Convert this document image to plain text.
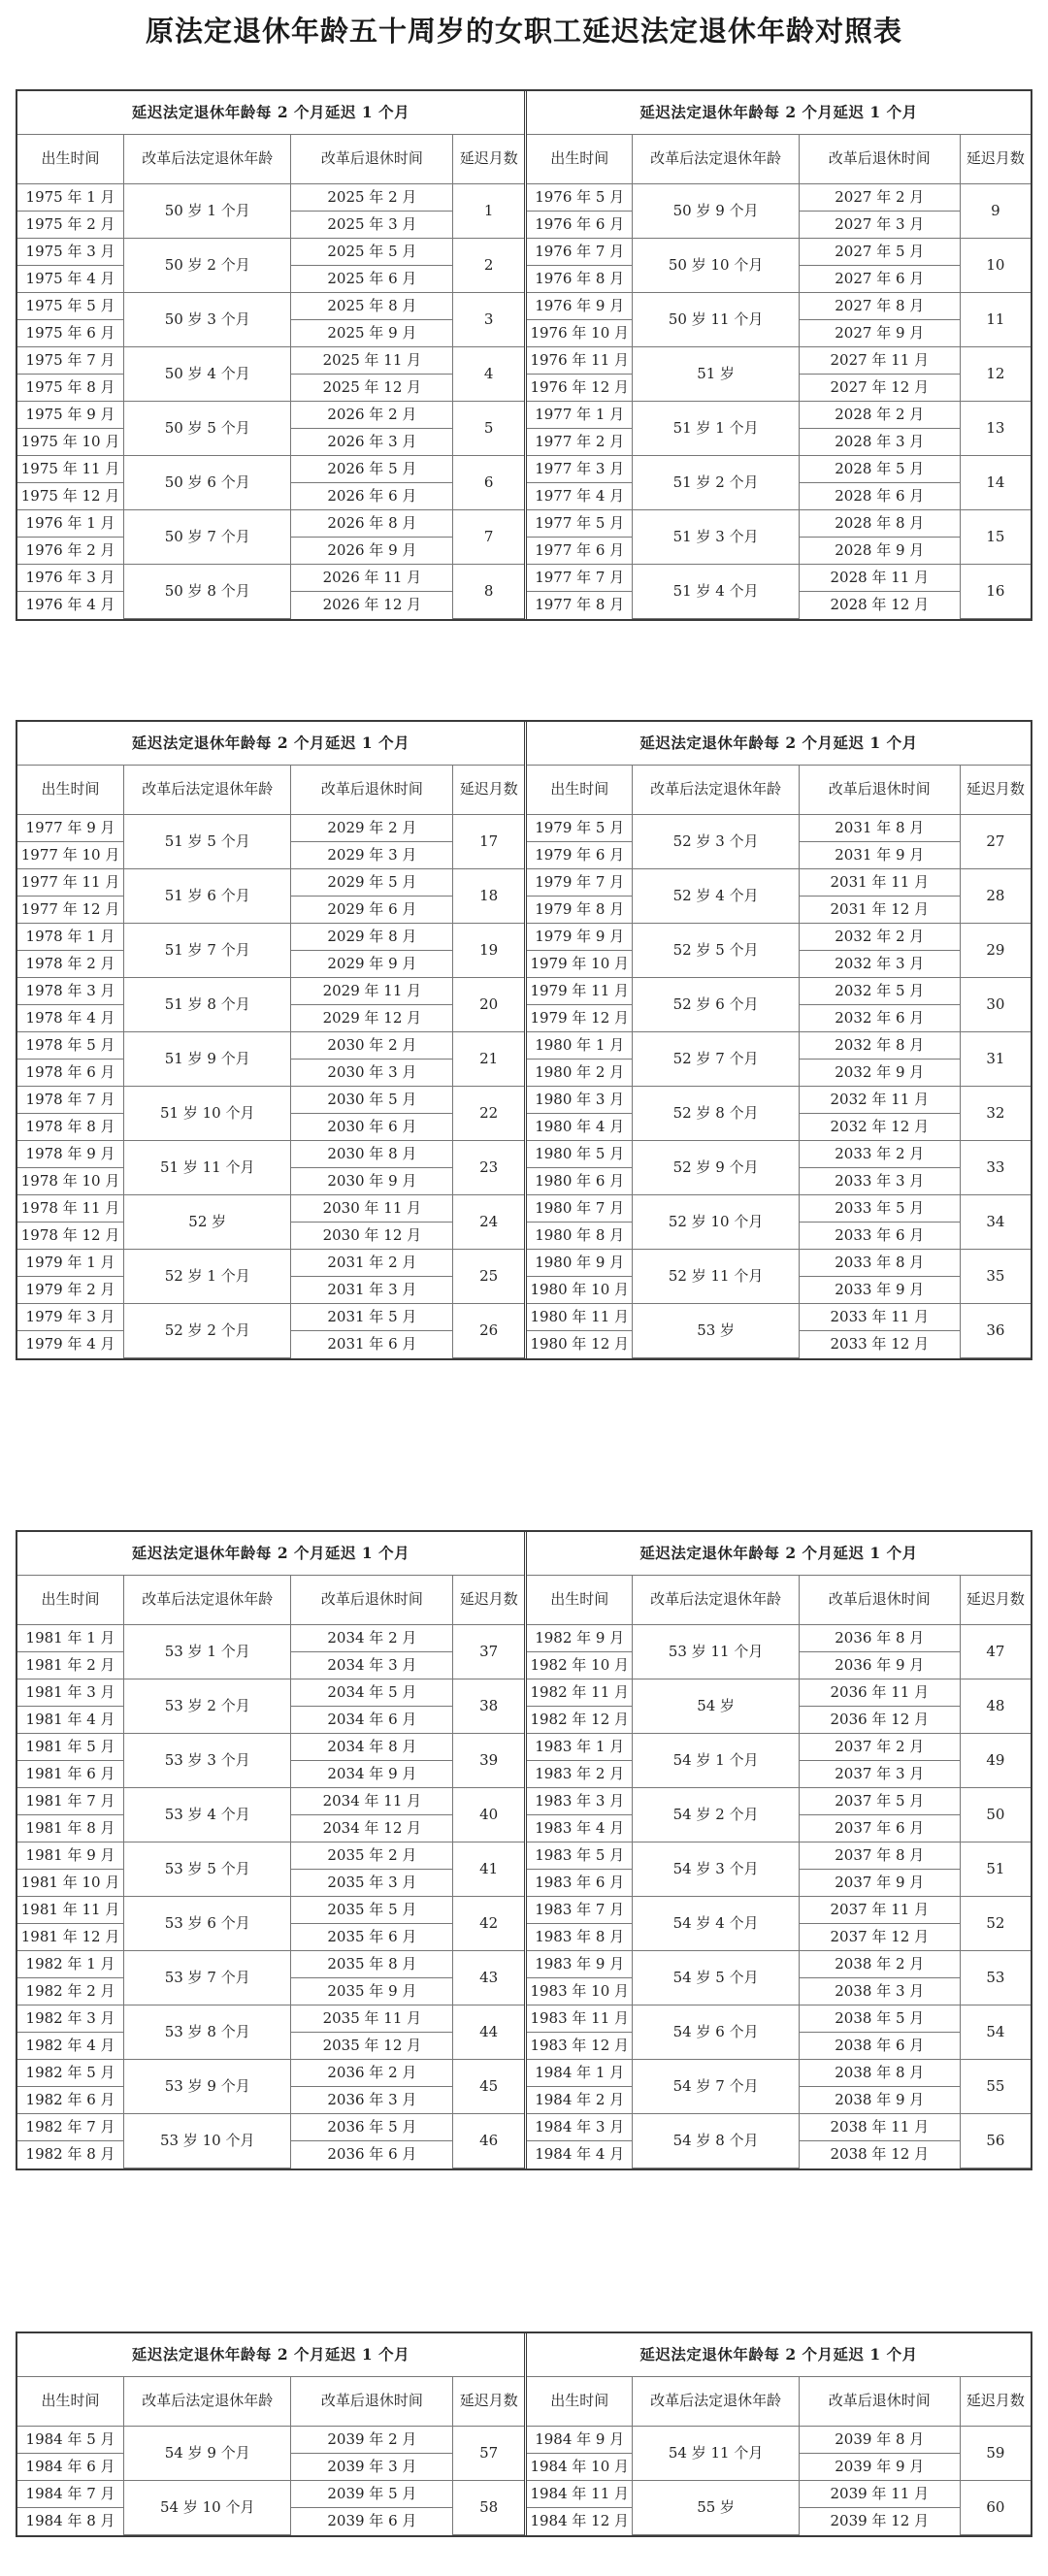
原法定退休年龄五十周岁的女职工延迟法定退休年龄对照表
延迟法定退休年龄每 2 个月延迟 1 个月			
出生时间	改革后法定退休年龄	改革后退休时间	延迟月数
1975 年 1 月	50 岁 1 个月	2025 年 2 月	1
1975 年 2 月		2025 年 3 月	
1975 年 3 月	50 岁 2 个月	2025 年 5 月	2
1975 年 4 月		2025 年 6 月	
1975 年 5 月	50 岁 3 个月	2025 年 8 月	3
1975 年 6 月		2025 年 9 月	
1975 年 7 月	50 岁 4 个月	2025 年 11 月	4
1975 年 8 月		2025 年 12 月	
1975 年 9 月	50 岁 5 个月	2026 年 2 月	5
1975 年 10 月		2026 年 3 月	
1975 年 11 月	50 岁 6 个月	2026 年 5 月	6
1975 年 12 月		2026 年 6 月	
1976 年 1 月	50 岁 7 个月	2026 年 8 月	7
1976 年 2 月		2026 年 9 月	
1976 年 3 月	50 岁 8 个月	2026 年 11 月	8
1976 年 4 月		2026 年 12 月	
延迟法定退休年龄每 2 个月延迟 1 个月			
出生时间	改革后法定退休年龄	改革后退休时间	延迟月数
1976 年 5 月	50 岁 9 个月	2027 年 2 月	9
1976 年 6 月		2027 年 3 月	
1976 年 7 月	50 岁 10 个月	2027 年 5 月	10
1976 年 8 月		2027 年 6 月	
1976 年 9 月	50 岁 11 个月	2027 年 8 月	11
1976 年 10 月		2027 年 9 月	
1976 年 11 月	51 岁	2027 年 11 月	12
1976 年 12 月		2027 年 12 月	
1977 年 1 月	51 岁 1 个月	2028 年 2 月	13
1977 年 2 月		2028 年 3 月	
1977 年 3 月	51 岁 2 个月	2028 年 5 月	14
1977 年 4 月		2028 年 6 月	
1977 年 5 月	51 岁 3 个月	2028 年 8 月	15
1977 年 6 月		2028 年 9 月	
1977 年 7 月	51 岁 4 个月	2028 年 11 月	16
1977 年 8 月		2028 年 12 月	
延迟法定退休年龄每 2 个月延迟 1 个月			
出生时间	改革后法定退休年龄	改革后退休时间	延迟月数
1977 年 9 月	51 岁 5 个月	2029 年 2 月	17
1977 年 10 月		2029 年 3 月	
1977 年 11 月	51 岁 6 个月	2029 年 5 月	18
1977 年 12 月		2029 年 6 月	
1978 年 1 月	51 岁 7 个月	2029 年 8 月	19
1978 年 2 月		2029 年 9 月	
1978 年 3 月	51 岁 8 个月	2029 年 11 月	20
1978 年 4 月		2029 年 12 月	
1978 年 5 月	51 岁 9 个月	2030 年 2 月	21
1978 年 6 月		2030 年 3 月	
1978 年 7 月	51 岁 10 个月	2030 年 5 月	22
1978 年 8 月		2030 年 6 月	
1978 年 9 月	51 岁 11 个月	2030 年 8 月	23
1978 年 10 月		2030 年 9 月	
1978 年 11 月	52 岁	2030 年 11 月	24
1978 年 12 月		2030 年 12 月	
1979 年 1 月	52 岁 1 个月	2031 年 2 月	25
1979 年 2 月		2031 年 3 月	
1979 年 3 月	52 岁 2 个月	2031 年 5 月	26
1979 年 4 月		2031 年 6 月	
延迟法定退休年龄每 2 个月延迟 1 个月			
出生时间	改革后法定退休年龄	改革后退休时间	延迟月数
1979 年 5 月	52 岁 3 个月	2031 年 8 月	27
1979 年 6 月		2031 年 9 月	
1979 年 7 月	52 岁 4 个月	2031 年 11 月	28
1979 年 8 月		2031 年 12 月	
1979 年 9 月	52 岁 5 个月	2032 年 2 月	29
1979 年 10 月		2032 年 3 月	
1979 年 11 月	52 岁 6 个月	2032 年 5 月	30
1979 年 12 月		2032 年 6 月	
1980 年 1 月	52 岁 7 个月	2032 年 8 月	31
1980 年 2 月		2032 年 9 月	
1980 年 3 月	52 岁 8 个月	2032 年 11 月	32
1980 年 4 月		2032 年 12 月	
1980 年 5 月	52 岁 9 个月	2033 年 2 月	33
1980 年 6 月		2033 年 3 月	
1980 年 7 月	52 岁 10 个月	2033 年 5 月	34
1980 年 8 月		2033 年 6 月	
1980 年 9 月	52 岁 11 个月	2033 年 8 月	35
1980 年 10 月		2033 年 9 月	
1980 年 11 月	53 岁	2033 年 11 月	36
1980 年 12 月		2033 年 12 月	
延迟法定退休年龄每 2 个月延迟 1 个月			
出生时间	改革后法定退休年龄	改革后退休时间	延迟月数
1981 年 1 月	53 岁 1 个月	2034 年 2 月	37
1981 年 2 月		2034 年 3 月	
1981 年 3 月	53 岁 2 个月	2034 年 5 月	38
1981 年 4 月		2034 年 6 月	
1981 年 5 月	53 岁 3 个月	2034 年 8 月	39
1981 年 6 月		2034 年 9 月	
1981 年 7 月	53 岁 4 个月	2034 年 11 月	40
1981 年 8 月		2034 年 12 月	
1981 年 9 月	53 岁 5 个月	2035 年 2 月	41
1981 年 10 月		2035 年 3 月	
1981 年 11 月	53 岁 6 个月	2035 年 5 月	42
1981 年 12 月		2035 年 6 月	
1982 年 1 月	53 岁 7 个月	2035 年 8 月	43
1982 年 2 月		2035 年 9 月	
1982 年 3 月	53 岁 8 个月	2035 年 11 月	44
1982 年 4 月		2035 年 12 月	
1982 年 5 月	53 岁 9 个月	2036 年 2 月	45
1982 年 6 月		2036 年 3 月	
1982 年 7 月	53 岁 10 个月	2036 年 5 月	46
1982 年 8 月		2036 年 6 月	
延迟法定退休年龄每 2 个月延迟 1 个月			
出生时间	改革后法定退休年龄	改革后退休时间	延迟月数
1982 年 9 月	53 岁 11 个月	2036 年 8 月	47
1982 年 10 月		2036 年 9 月	
1982 年 11 月	54 岁	2036 年 11 月	48
1982 年 12 月		2036 年 12 月	
1983 年 1 月	54 岁 1 个月	2037 年 2 月	49
1983 年 2 月		2037 年 3 月	
1983 年 3 月	54 岁 2 个月	2037 年 5 月	50
1983 年 4 月		2037 年 6 月	
1983 年 5 月	54 岁 3 个月	2037 年 8 月	51
1983 年 6 月		2037 年 9 月	
1983 年 7 月	54 岁 4 个月	2037 年 11 月	52
1983 年 8 月		2037 年 12 月	
1983 年 9 月	54 岁 5 个月	2038 年 2 月	53
1983 年 10 月		2038 年 3 月	
1983 年 11 月	54 岁 6 个月	2038 年 5 月	54
1983 年 12 月		2038 年 6 月	
1984 年 1 月	54 岁 7 个月	2038 年 8 月	55
1984 年 2 月		2038 年 9 月	
1984 年 3 月	54 岁 8 个月	2038 年 11 月	56
1984 年 4 月		2038 年 12 月	
延迟法定退休年龄每 2 个月延迟 1 个月			
出生时间	改革后法定退休年龄	改革后退休时间	延迟月数
1984 年 5 月	54 岁 9 个月	2039 年 2 月	57
1984 年 6 月		2039 年 3 月	
1984 年 7 月	54 岁 10 个月	2039 年 5 月	58
1984 年 8 月		2039 年 6 月	
延迟法定退休年龄每 2 个月延迟 1 个月			
出生时间	改革后法定退休年龄	改革后退休时间	延迟月数
1984 年 9 月	54 岁 11 个月	2039 年 8 月	59
1984 年 10 月		2039 年 9 月	
1984 年 11 月	55 岁	2039 年 11 月	60
1984 年 12 月		2039 年 12 月	
